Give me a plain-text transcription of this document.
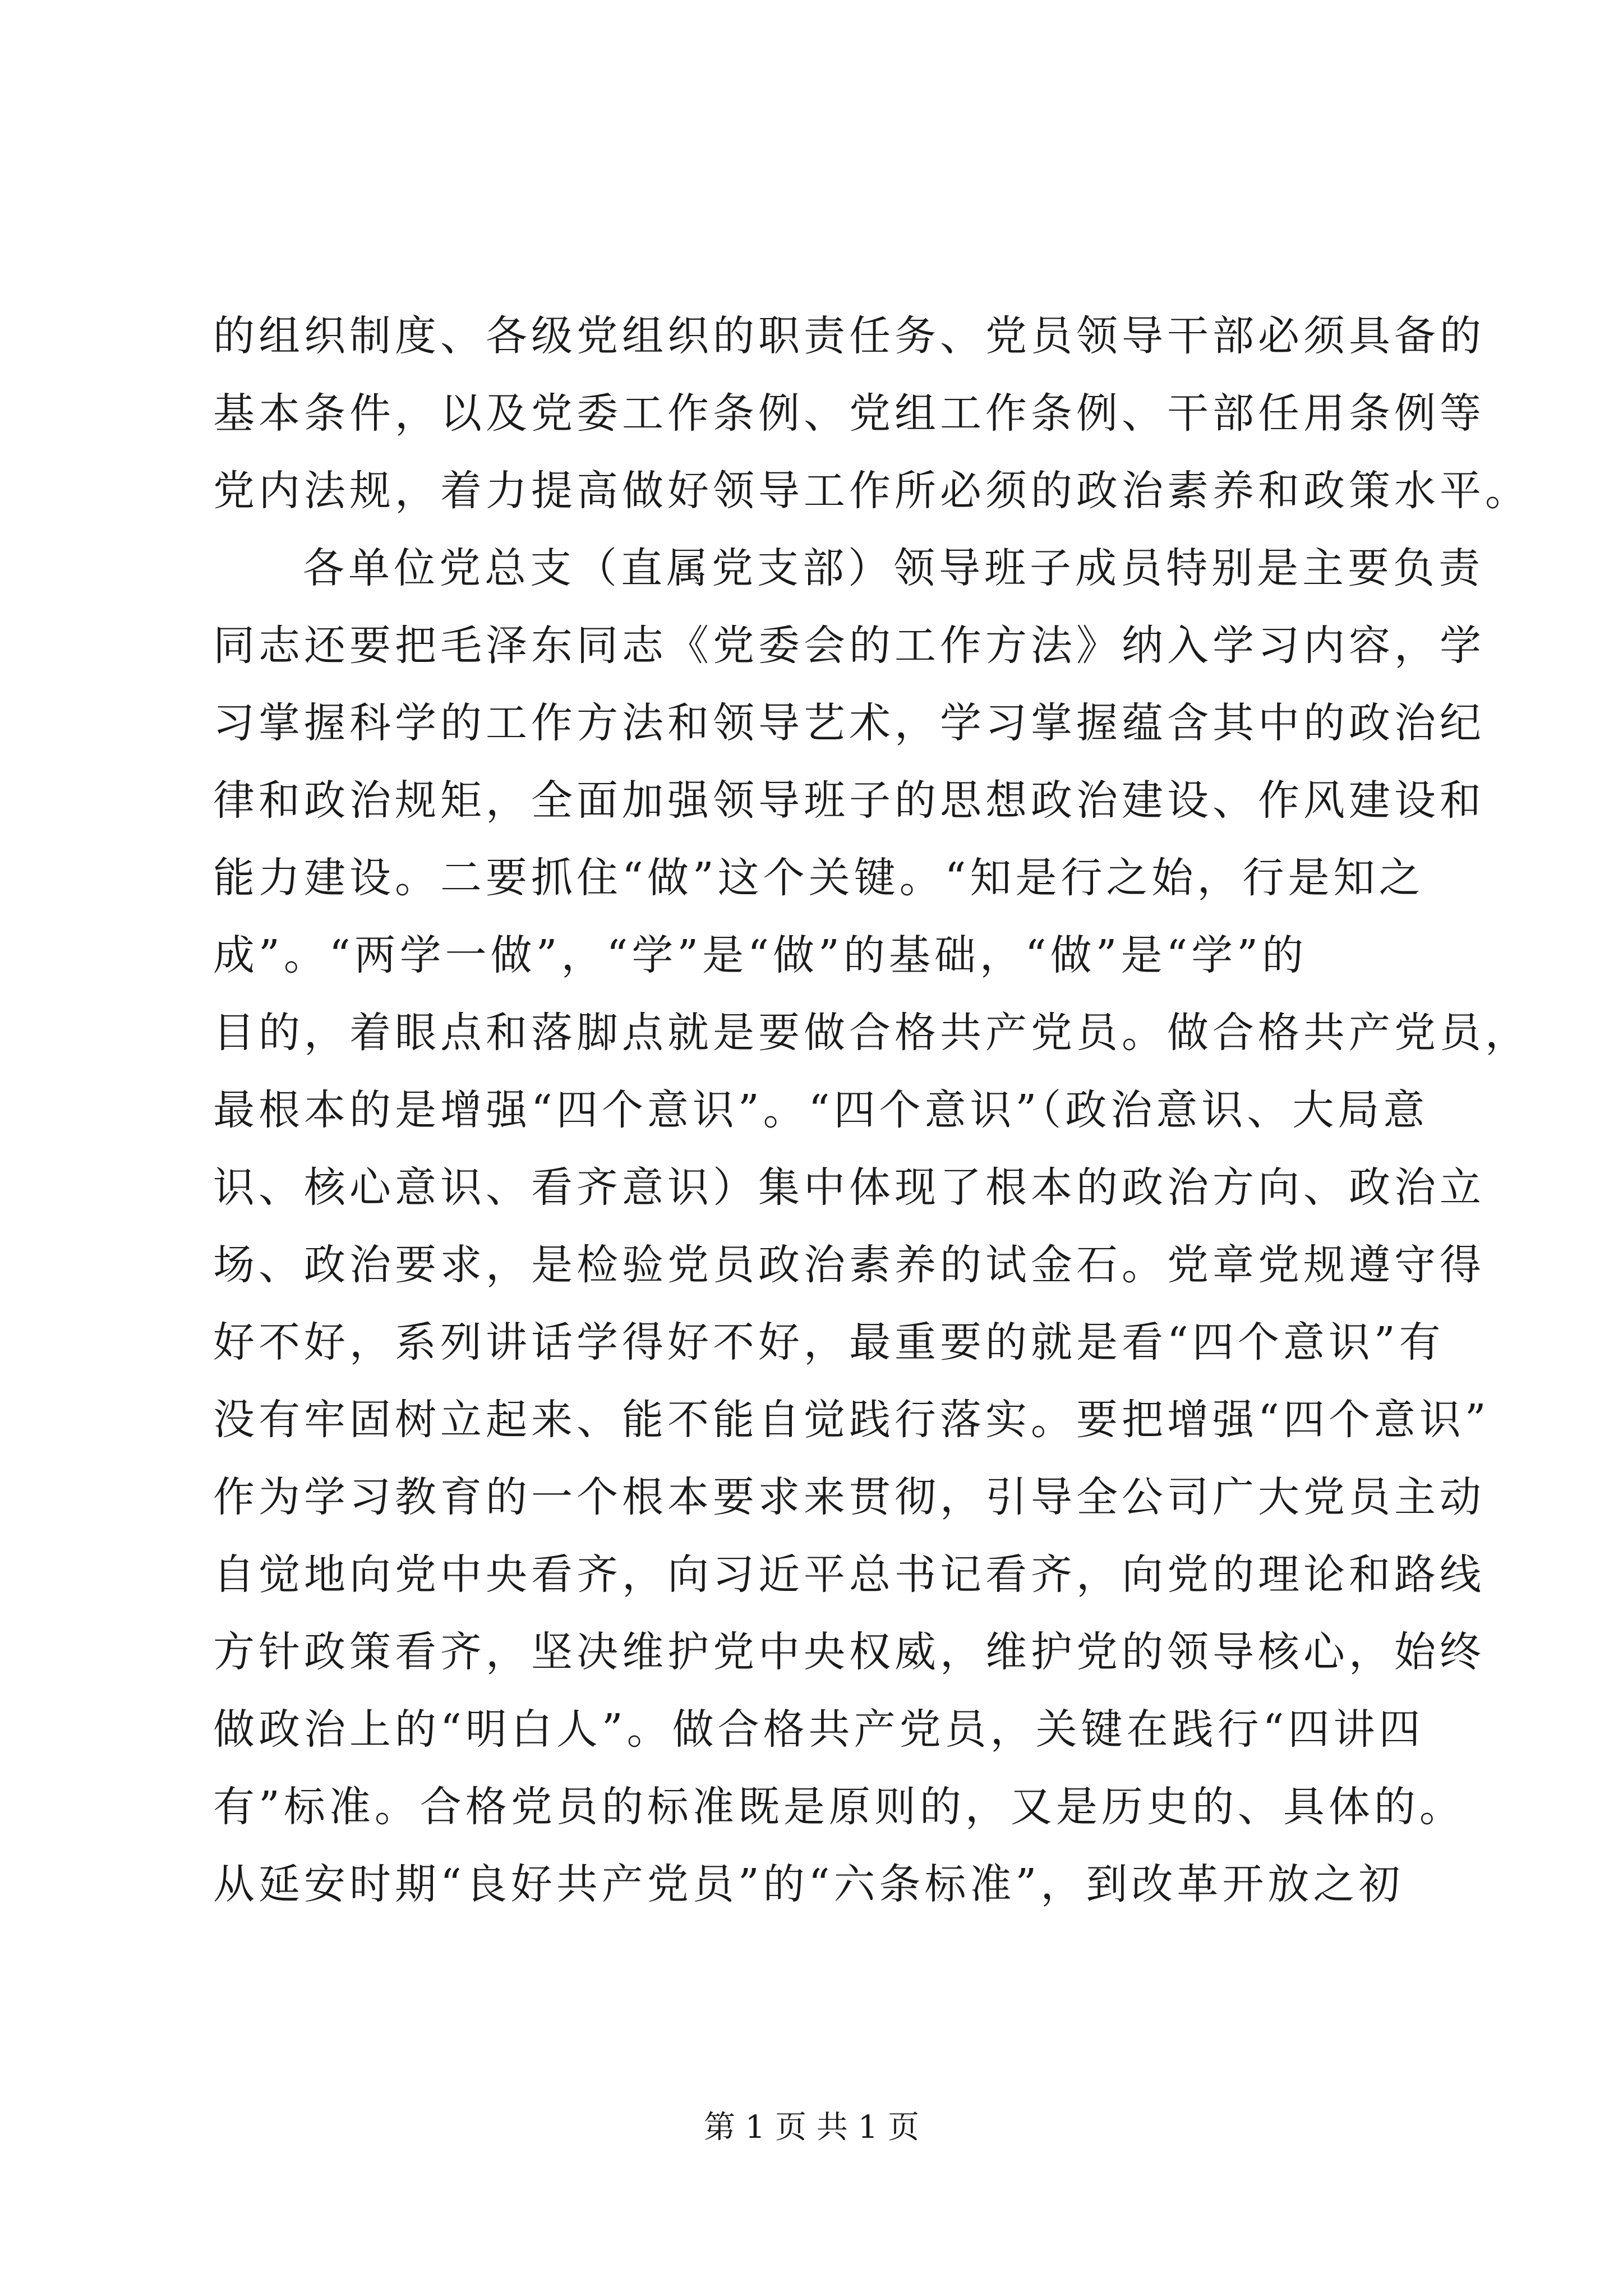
的组织制度、各级党组织的职责任务、党员领导干部必须具备的
基本条件，以及党委工作条例、党组工作条例、干部任用条例等
党内法规，着力提高做好领导工作所必须的政治素养和政策水平。
各单位党总支（直属党支部）领导班子成员特别是主要负责
同志还要把毛泽东同志《党委会的工作方法》纳入学习内容，学
习掌握科学的工作方法和领导艺术，学习掌握蕴含其中的政治纪
律和政治规矩，全面加强领导班子的思想政治建设、作风建设和
能力建设。二要抓住“做”这个关键。“知是行之始，行是知之
成”。“两学一做”，“学”是“做”的基础，“做”是“学”的
目的，着眼点和落脚点就是要做合格共产党员。做合格共产党员，
最根本的是增强“四个意识”。“四个意识”（政治意识、大局意
识、核心意识、看齐意识）集中体现了根本的政治方向、政治立
场、政治要求，是检验党员政治素养的试金石。党章党规遵守得
好不好，系列讲话学得好不好，最重要的就是看“四个意识”有
没有牢固树立起来、能不能自觉践行落实。要把增强“四个意识”
作为学习教育的一个根本要求来贯彻，引导全公司广大党员主动
自觉地向党中央看齐，向习近平总书记看齐，向党的理论和路线
方针政策看齐，坚决维护党中央权威，维护党的领导核心，始终
做政治上的“明白人”。做合格共产党员，关键在践行“四讲四
有”标准。合格党员的标准既是原则的，又是历史的、具体的。
从延安时期“良好共产党员”的“六条标准”，到改革开放之初
第 1 页 共 1 页
